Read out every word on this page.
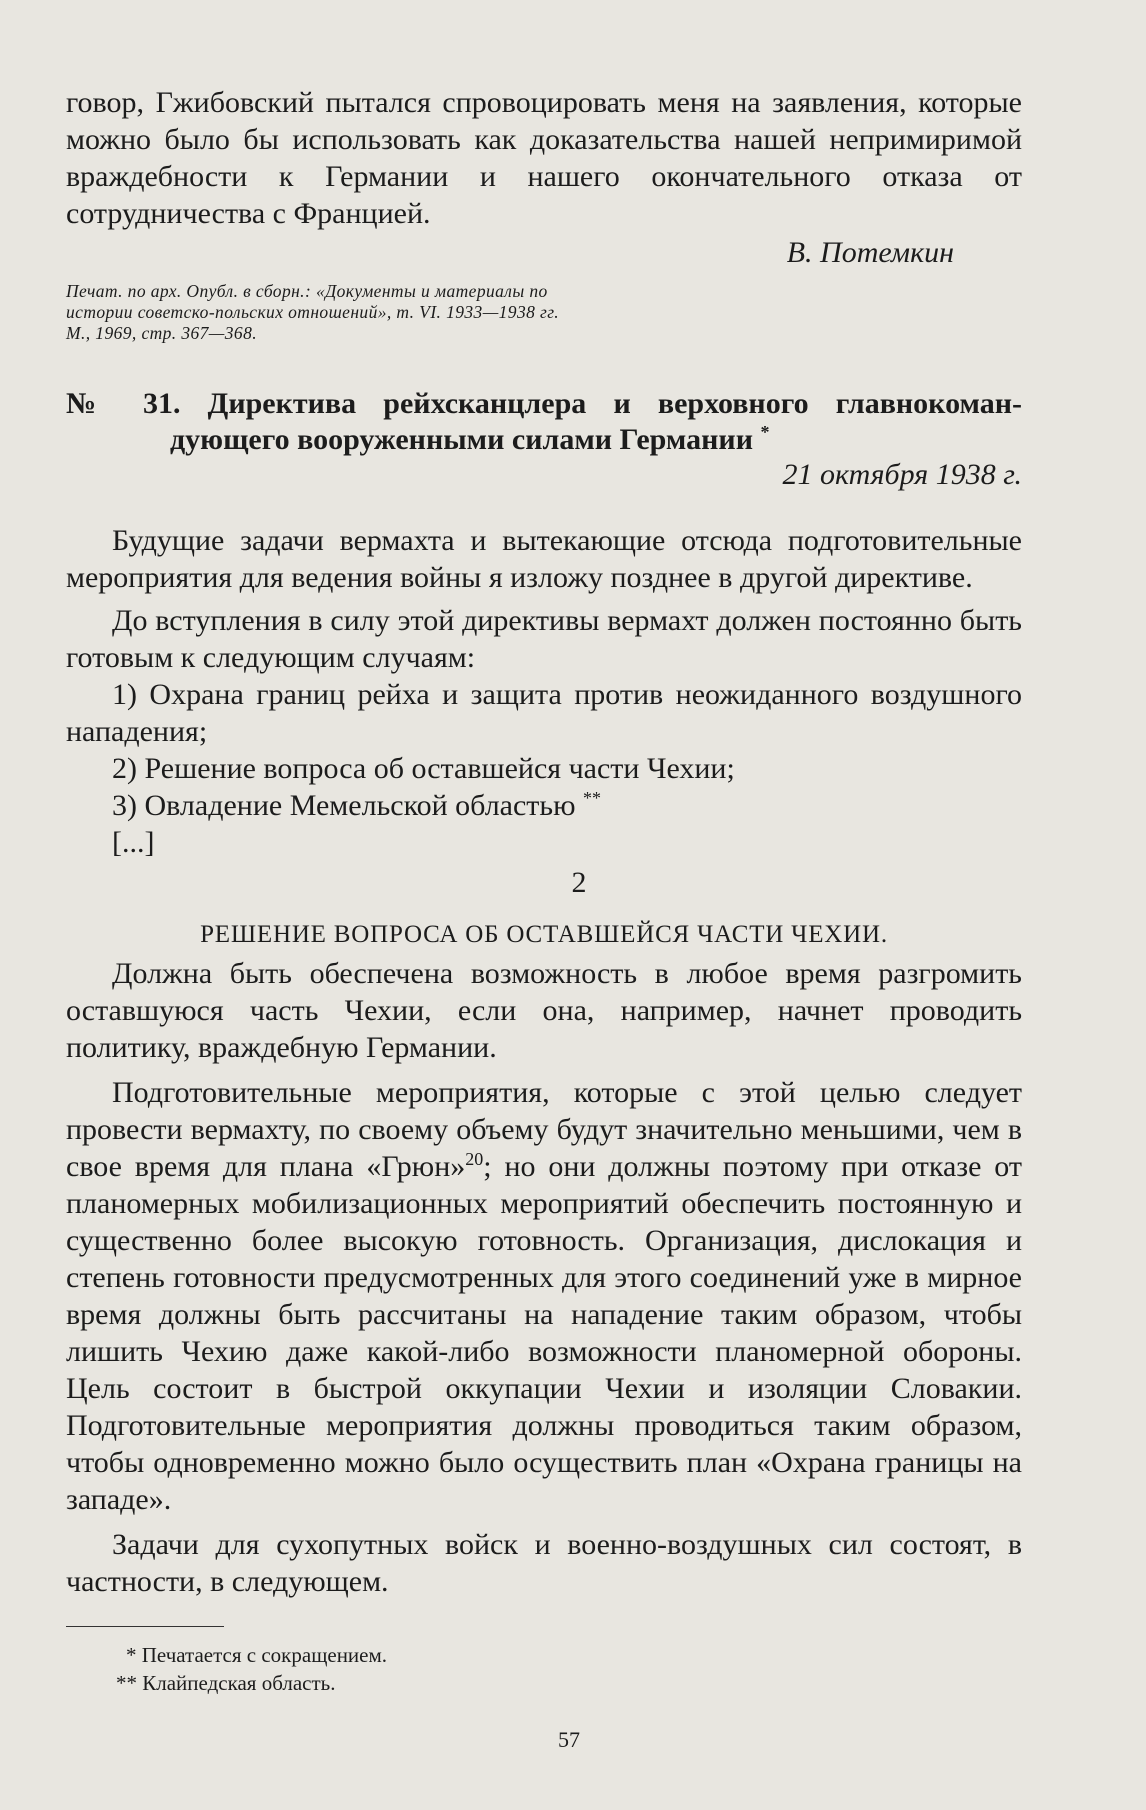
говор, Гжибовский пытался спровоцировать меня на заявления, которые можно было бы использовать как доказательства нашей непримиримой враждебности к Германии и нашего окончательного отказа от сотрудничества с Францией.

В. Потемкин
Печат. по арх. Опубл. в сборн.: «Документы и материалы по истории советско-польских отношений», т. VI. 1933—1938 гг. М., 1969, стр. 367—368.
№ 31. Директива рейхсканцлера и верховного главнокоман-
дующего вооруженными силами Германии *
21 октября 1938 г.

Будущие задачи вермахта и вытекающие отсюда подготовительные мероприятия для ведения войны я изложу позднее в другой директиве.

До вступления в силу этой директивы вермахт должен постоянно быть готовым к следующим случаям:

1) Охрана границ рейха и защита против неожиданного воздушного нападения;

2) Решение вопроса об оставшейся части Чехии;

3) Овладение Мемельской областью **

[...]

2
РЕШЕНИЕ ВОПРОСА ОБ ОСТАВШЕЙСЯ ЧАСТИ ЧЕХИИ.

Должна быть обеспечена возможность в любое время разгромить оставшуюся часть Чехии, если она, например, начнет проводить политику, враждебную Германии.

Подготовительные мероприятия, которые с этой целью следует провести вермахту, по своему объему будут значительно меньшими, чем в свое время для плана «Грюн»$^{20}$; но они должны поэтому при отказе от планомерных мобилизационных мероприятий обеспечить постоянную и существенно более высокую готовность. Организация, дислокация и степень готовности предусмотренных для этого соединений уже в мирное время должны быть рассчитаны на нападение таким образом, чтобы лишить Чехию даже какой-либо возможности планомерной обороны. Цель состоит в быстрой оккупации Чехии и изоляции Словакии. Подготовительные мероприятия должны проводиться таким образом, чтобы одновременно можно было осуществить план «Охрана границы на западе».

Задачи для сухопутных войск и военно-воздушных сил состоят, в частности, в следующем.

* Печатается с сокращением.

** Клайпедская область.

57
